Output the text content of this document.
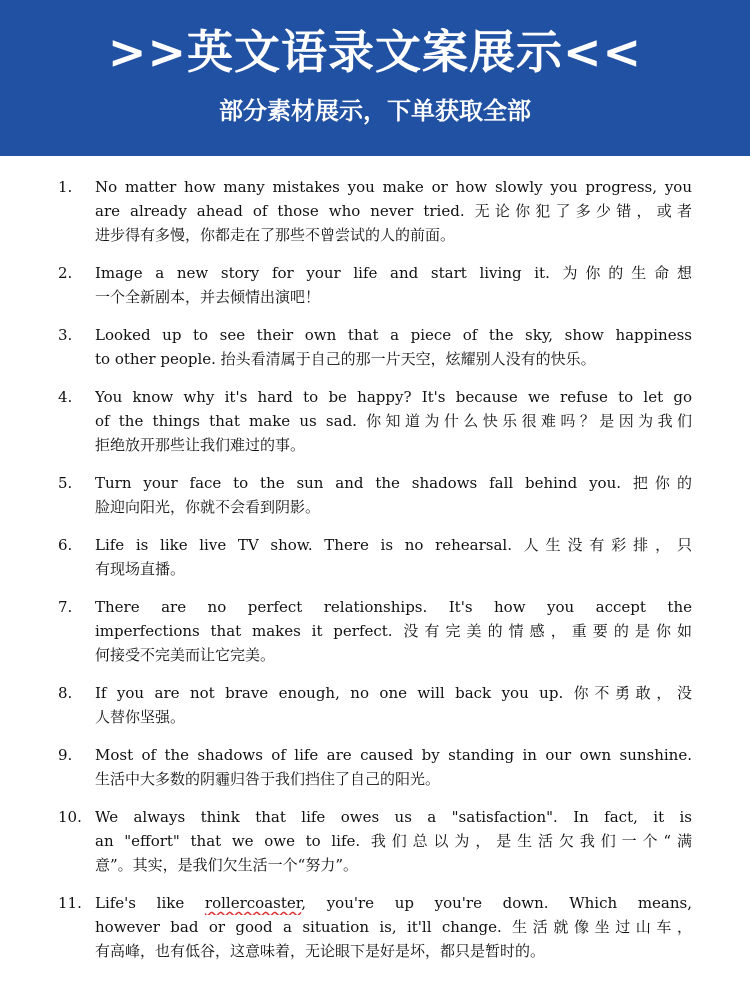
>>英文语录文案展示<<
部分素材展示，下单获取全部
1. No matter how many mistakes you make or how slowly you progress, you
are already ahead of those who never tried. 无论你犯了多少错，或者
进步得有多慢，你都走在了那些不曾尝试的人的前面。
2. Image a new story for your life and start living it. 为你的生命想
一个全新剧本，并去倾情出演吧！
3. Looked up to see their own that a piece of the sky, show happiness
to other people. 抬头看清属于自己的那一片天空，炫耀别人没有的快乐。
4. You know why it's hard to be happy? It's because we refuse to let go
of the things that make us sad. 你知道为什么快乐很难吗？是因为我们
拒绝放开那些让我们难过的事。
5. Turn your face to the sun and the shadows fall behind you. 把你的
脸迎向阳光，你就不会看到阴影。
6. Life is like live TV show. There is no rehearsal. 人生没有彩排，只
有现场直播。
7. There are no perfect relationships. It's how you accept the
imperfections that makes it perfect. 没有完美的情感，重要的是你如
何接受不完美而让它完美。
8. If you are not brave enough, no one will back you up. 你不勇敢，没
人替你坚强。
9. Most of the shadows of life are caused by standing in our own sunshine.
生活中大多数的阴霾归咎于我们挡住了自己的阳光。
10. We always think that life owes us a "satisfaction". In fact, it is
an "effort" that we owe to life. 我们总以为，是生活欠我们一个“满
意”。其实，是我们欠生活一个“努力”。
11. Life's like rollercoaster, you're up you're down. Which means,
however bad or good a situation is, it'll change. 生活就像坐过山车，
有高峰，也有低谷，这意味着，无论眼下是好是坏，都只是暂时的。
